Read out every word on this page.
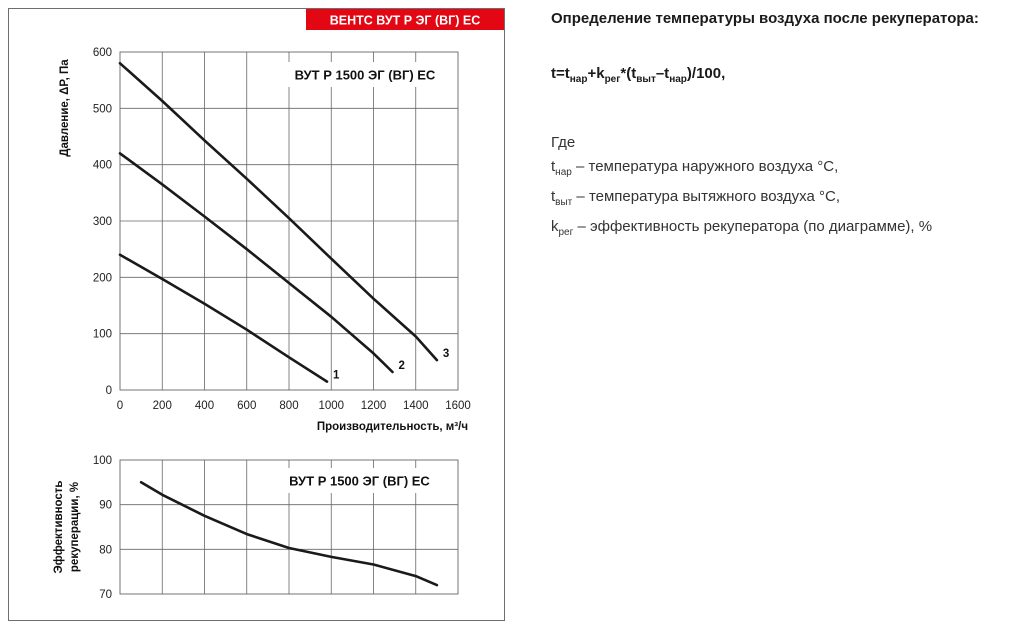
ВЕНТС ВУТ Р ЭГ (ВГ) ЕС
0
100
200
300
400
500
600
0	200 400 600 800 1000 1200 1400 1600
Производительность, м³/ч
Давление, ΔP, Па	ВУТ Р 1500 ЭГ (ВГ) ЕС
1
2
3
70
80
90
100
Эффективность рекуперации, %
ВУТ Р 1500 ЭГ (ВГ) ЕС

Определение температуры воздуха после рекуператора:

$t=t_{нар}+k_{рег}*(t_{выт}-t_{нар})/100$,
Где
$t_{нар}$ – температура наружного воздуха °С,
$t_{выт}$ – температура вытяжного воздуха °С,
$k_{рег}$ – эффективность рекуператора (по диаграмме), %
